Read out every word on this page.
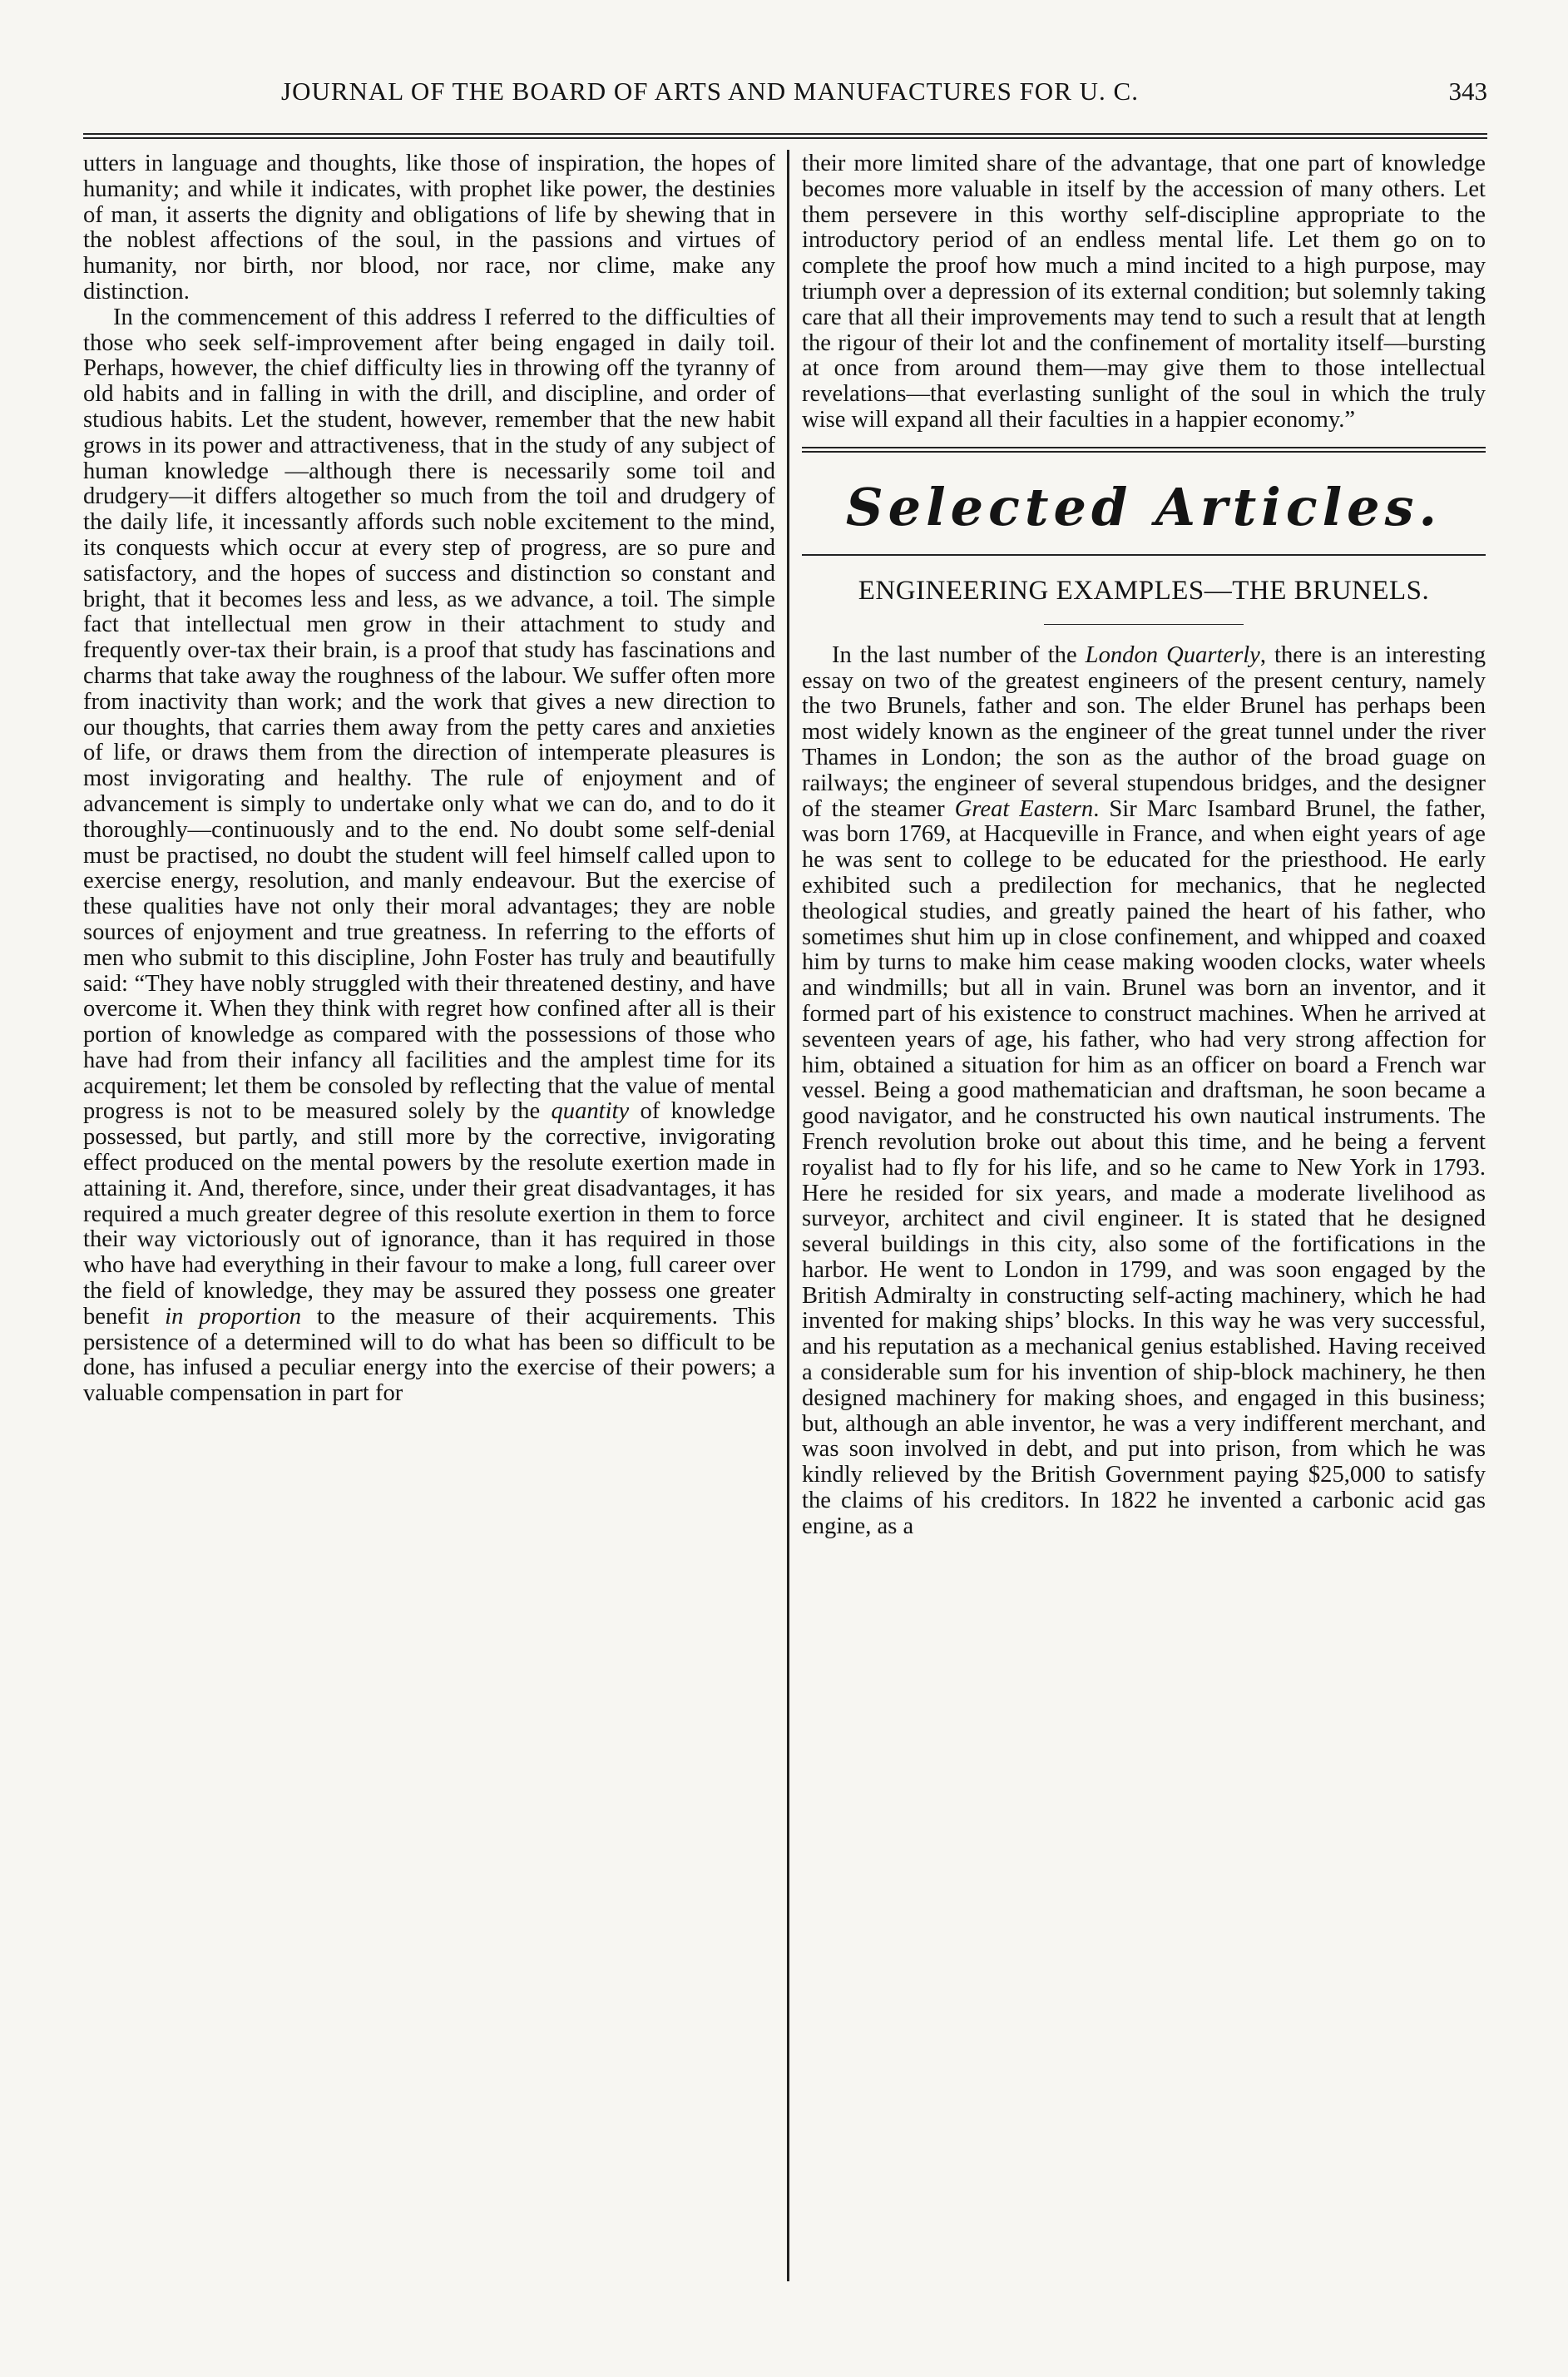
JOURNAL OF THE BOARD OF ARTS AND MANUFACTURES FOR U. C.	343

utters in language and thoughts, like those of inspiration, the hopes of humanity; and while it indicates, with prophet like power, the destinies of man, it asserts the dignity and obligations of life by shewing that in the noblest affections of the soul, in the passions and virtues of humanity, nor birth, nor blood, nor race, nor clime, make any distinction.

In the commencement of this address I referred to the difficulties of those who seek self-improvement after being engaged in daily toil. Perhaps, however, the chief difficulty lies in throwing off the tyranny of old habits and in falling in with the drill, and discipline, and order of studious habits. Let the student, however, remember that the new habit grows in its power and attractiveness, that in the study of any subject of human knowledge —although there is necessarily some toil and drudgery—it differs altogether so much from the toil and drudgery of the daily life, it incessantly affords such noble excitement to the mind, its conquests which occur at every step of progress, are so pure and satisfactory, and the hopes of success and distinction so constant and bright, that it becomes less and less, as we advance, a toil. The simple fact that intellectual men grow in their attachment to study and frequently over-tax their brain, is a proof that study has fascinations and charms that take away the roughness of the labour. We suffer often more from inactivity than work; and the work that gives a new direction to our thoughts, that carries them away from the petty cares and anxieties of life, or draws them from the direction of intemperate pleasures is most invigorating and healthy. The rule of enjoyment and of advancement is simply to undertake only what we can do, and to do it thoroughly—continuously and to the end. No doubt some self-denial must be practised, no doubt the student will feel himself called upon to exercise energy, resolution, and manly endeavour. But the exercise of these qualities have not only their moral advantages; they are noble sources of enjoyment and true greatness. In referring to the efforts of men who submit to this discipline, John Foster has truly and beautifully said: “They have nobly struggled with their threatened destiny, and have overcome it. When they think with regret how confined after all is their portion of knowledge as compared with the possessions of those who have had from their infancy all facilities and the amplest time for its acquirement; let them be consoled by reflecting that the value of mental progress is not to be measured solely by the quantity of knowledge possessed, but partly, and still more by the corrective, invigorating effect produced on the mental powers by the resolute exertion made in attaining it. And, therefore, since, under their great disadvantages, it has required a much greater degree of this resolute exertion in them to force their way victoriously out of ignorance, than it has required in those who have had everything in their favour to make a long, full career over the field of knowledge, they may be assured they possess one greater benefit in proportion to the measure of their acquirements. This persistence of a determined will to do what has been so difficult to be done, has infused a peculiar energy into the exercise of their powers; a valuable compensation in part for

their more limited share of the advantage, that one part of knowledge becomes more valuable in itself by the accession of many others. Let them persevere in this worthy self-discipline appropriate to the introductory period of an endless mental life. Let them go on to complete the proof how much a mind incited to a high purpose, may triumph over a depression of its external condition; but solemnly taking care that all their improvements may tend to such a result that at length the rigour of their lot and the confinement of mortality itself—bursting at once from around them—may give them to those intellectual revelations—that everlasting sunlight of the soul in which the truly wise will expand all their faculties in a happier economy.”

Selected Articles.
ENGINEERING EXAMPLES—THE BRUNELS.

In the last number of the London Quarterly, there is an interesting essay on two of the greatest engineers of the present century, namely the two Brunels, father and son. The elder Brunel has perhaps been most widely known as the engineer of the great tunnel under the river Thames in London; the son as the author of the broad guage on railways; the engineer of several stupendous bridges, and the designer of the steamer Great Eastern. Sir Marc Isambard Brunel, the father, was born 1769, at Hacqueville in France, and when eight years of age he was sent to college to be educated for the priesthood. He early exhibited such a predilection for mechanics, that he neglected theological studies, and greatly pained the heart of his father, who sometimes shut him up in close confinement, and whipped and coaxed him by turns to make him cease making wooden clocks, water wheels and windmills; but all in vain. Brunel was born an inventor, and it formed part of his existence to construct machines. When he arrived at seventeen years of age, his father, who had very strong affection for him, obtained a situation for him as an officer on board a French war vessel. Being a good mathematician and draftsman, he soon became a good navigator, and he constructed his own nautical instruments. The French revolution broke out about this time, and he being a fervent royalist had to fly for his life, and so he came to New York in 1793. Here he resided for six years, and made a moderate livelihood as surveyor, architect and civil engineer. It is stated that he designed several buildings in this city, also some of the fortifications in the harbor. He went to London in 1799, and was soon engaged by the British Admiralty in constructing self-acting machinery, which he had invented for making ships’ blocks. In this way he was very successful, and his reputation as a mechanical genius established. Having received a considerable sum for his invention of ship-block machinery, he then designed machinery for making shoes, and engaged in this business; but, although an able inventor, he was a very indifferent merchant, and was soon involved in debt, and put into prison, from which he was kindly relieved by the British Government paying $25,000 to satisfy the claims of his creditors. In 1822 he invented a carbonic acid gas engine, as a
